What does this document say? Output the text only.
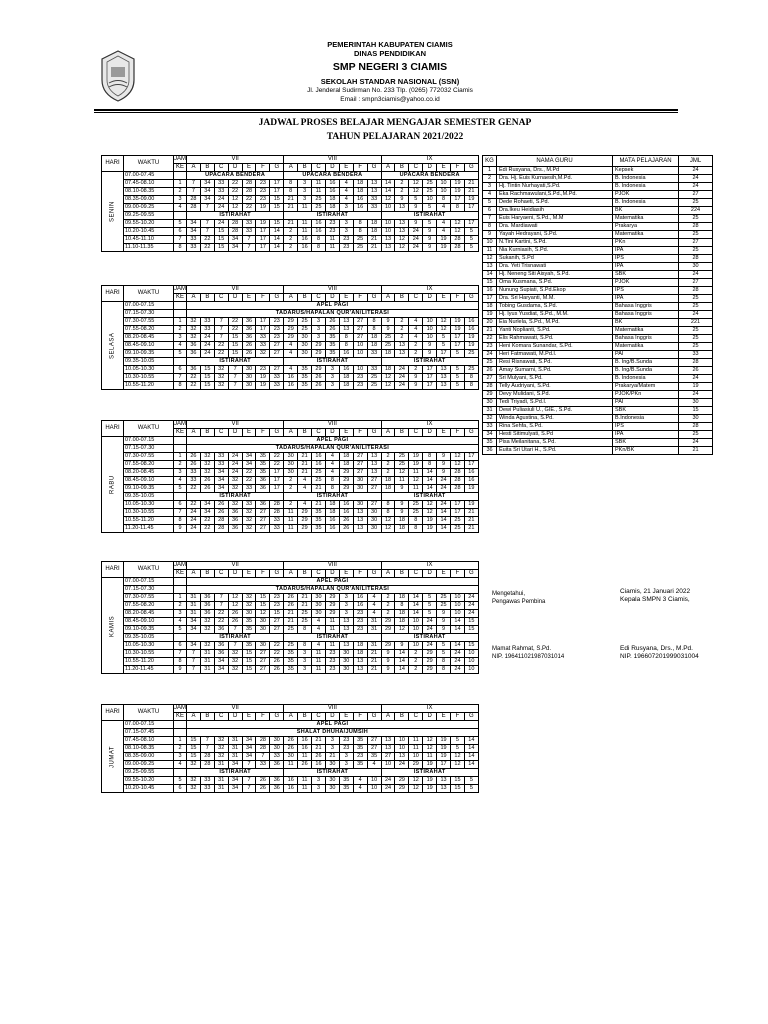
PEMERINTAH KABUPATEN CIAMIS
DINAS PENDIDIKAN
SMP NEGERI 3 CIAMIS
SEKOLAH STANDAR NASIONAL (SSN)
Jl. Jenderal Sudirman No. 233 Tlp. (0265) 772032 Ciamis
Email : smpn3ciamis@yahoo.co.id
JADWAL PROSES BELAJAR MENGAJAR SEMESTER GENAP
TAHUN PELAJARAN 2021/2022
HARI	WAKTU	JAM	VII							VIII							IX						
		KE	A	B	C	D	E	F	G	A	B	C	D	E	F	G	A	B	C	D	E	F	G
SENIN	07.00-07.45		UPACARA BENDERA							UPACARA BENDERA							UPACARA BENDERA						
	07.45-08.10	1	7	34	33	22	28	23	17	8	3	11	16	4	18	13	14	2	12	25	10	19	21
	08.10-08.35	2	7	34	33	22	28	23	17	8	3	11	16	4	18	13	14	2	12	25	10	19	21
	08.35-09.00	3	28	34	24	12	22	23	15	21	3	25	18	4	16	33	12	9	5	10	8	17	19
	09.00-09.25	4	28	7	24	12	22	19	15	21	11	25	18	3	16	33	10	13	9	5	4	8	17
	09.25-09.55		ISTIRAHAT							ISTIRAHAT							ISTIRAHAT						
	09.55-10.20	5	34	7	24	28	33	19	15	21	11	16	23	3	8	18	10	13	9	5	4	12	17
	10.20-10.45	6	34	7	15	28	33	17	14	2	11	16	23	3	8	18	10	13	24	9	4	12	5
	10.45-11.10	7	33	22	15	34	7	17	14	2	16	8	11	23	25	21	13	12	24	9	19	28	5
	11.10-11.35	8	33	22	15	34	7	17	14	2	16	8	11	23	25	21	13	12	24	9	19	28	5
HARI	WAKTU	JAM	VII							VIII							IX						
		KE	A	B	C	D	E	F	G	A	B	C	D	E	F	G	A	B	C	D	E	F	G
SELASA	07.00-07.15		APEL PAGI																				
	07.15-07.30		TADARUS/HAPALAN QUR'AN/LITERASI																				
	07.30-07.55	1	32	33	7	22	36	17	23	29	25	3	26	13	27	8	9	2	4	10	12	19	16
	07.55-08.20	2	32	33	7	22	36	17	23	29	25	3	26	13	27	8	9	2	4	10	12	19	16
	08.20-08.45	3	32	24	7	15	36	33	23	29	30	3	35	8	27	18	25	2	4	10	5	17	19
	08.45-09.10	4	36	24	22	15	26	33	27	4	30	29	35	8	10	18	25	13	2	9	5	17	19
	09.10-09.35	5	36	24	22	15	26	32	27	4	30	29	35	16	10	33	18	13	2	9	17	5	25
	09.35-10.05		ISTIRAHAT							ISTIRAHAT							ISTIRAHAT						
	10.05-10.30	6	36	15	32	7	30	23	27	4	35	29	3	16	10	33	18	24	2	17	13	5	25
	10.30-10.55	7	22	15	32	7	30	19	33	16	35	26	3	18	23	25	12	24	9	17	13	5	8
	10.55-11.20	8	22	15	32	7	30	19	33	16	35	26	3	18	23	25	12	24	9	17	13	5	8
HARI	WAKTU	JAM	VII							VIII							IX						
		KE	A	B	C	D	E	F	G	A	B	C	D	E	F	G	A	B	C	D	E	F	G
RABU	07.00-07.15		APEL PAGI																				
	07.15-07.30		TADARUS/HAPALAN QUR'AN/LITERASI																				
	07.30-07.55	1	26	32	33	24	34	35	22	30	21	16	4	18	27	13	2	25	19	8	9	12	17
	07.55-08.20	2	26	32	33	24	34	35	22	30	21	16	4	18	27	13	2	25	19	8	9	12	17
	08.20-08.45	3	33	32	34	24	22	35	17	30	21	25	4	29	27	13	2	12	11	14	9	28	16
	08.45-09.10	4	33	26	34	32	22	36	17	2	4	25	8	29	30	27	18	11	12	14	24	28	16
	09.10-09.35	5	22	26	34	32	33	36	17	2	4	21	8	29	30	27	18	9	11	14	24	28	19
	09.35-10.05		ISTIRAHAT							ISTIRAHAT							ISTIRAHAT						
	10.05-10.30	6	22	34	26	32	33	36	28	2	4	21	18	16	30	27	8	9	25	12	24	17	19
	10.30-10.55	7	24	34	26	36	32	27	28	11	29	35	18	16	13	30	8	9	25	12	14	17	21
	10.55-11.20	8	24	22	28	36	32	27	33	11	29	35	16	26	13	30	12	18	8	19	14	25	21
	11.20-11.45	9	24	22	28	36	32	27	33	11	29	35	16	26	13	30	12	18	8	19	14	25	21
HARI	WAKTU	JAM	VII							VIII							IX						
		KE	A	B	C	D	E	F	G	A	B	C	D	E	F	G	A	B	C	D	E	F	G
KAMIS	07.00-07.15		APEL PAGI																				
	07.15-07.30		TADARUS/HAPALAN QUR'AN/LITERASI																				
	07.30-07.55	1	31	36	7	12	32	15	23	26	21	30	29	3	16	4	2	18	14	5	25	10	24
	07.55-08.20	2	31	36	7	12	32	15	23	26	21	30	29	3	16	4	2	8	14	5	25	10	24
	08.20-08.45	3	31	36	22	26	30	12	15	21	25	30	29	3	23	4	2	18	14	5	9	10	24
	08.45-09.10	4	34	32	22	26	35	30	27	21	25	4	11	13	23	31	29	18	10	24	9	14	15
	09.10-09.35	5	34	32	36	7	35	30	27	25	8	4	11	13	23	31	29	12	10	24	9	14	15
	09.35-10.05		ISTIRAHAT							ISTIRAHAT							ISTIRAHAT						
	10.05-10.30	6	34	32	36	7	35	30	22	25	8	4	11	13	18	31	29	9	10	24	5	14	15
	10.30-10.55	7	7	31	36	32	15	27	22	35	3	11	23	30	18	21	9	14	2	29	5	24	10
	10.55-11.20	8	7	31	34	32	15	27	26	35	3	11	23	30	13	21	9	14	2	29	8	24	10
	11.20-11.45	9	7	31	34	32	15	27	26	35	3	11	23	30	13	21	9	14	2	29	8	24	10
HARI	WAKTU	JAM	VII							VIII							IX						
		KE	A	B	C	D	E	F	G	A	B	C	D	E	F	G	A	B	C	D	E	F	G
JUMAT	07.00-07.15		APEL PAGI																				
	07.15-07.45		SHALAT DHUHA/JUMSIH																				
	07.45-08.10	1	15	7	32	31	34	28	30	26	16	21	3	23	35	27	13	10	11	12	19	5	14
	08.10-08.35	2	15	7	32	31	34	28	30	26	16	21	3	23	35	27	13	10	11	12	19	5	14
	08.35-09.00	3	15	28	32	31	34	7	33	30	11	26	21	3	23	35	27	13	10	11	19	12	14
	09.00-09.25	4	32	28	31	34	7	33	36	11	26	16	30	3	35	4	10	24	29	19	17	12	14
	09.25-09.55		ISTIRAHAT							ISTIRAHAT							ISTIRAHAT						
	09.55-10.20	5	32	33	31	34	7	26	36	16	11	3	30	35	4	10	24	29	12	19	13	15	5
	10.20-10.45	6	32	33	31	34	7	26	36	16	11	3	30	35	4	10	24	29	12	19	13	15	5
KG	NAMA GURU	MATA PELAJARAN	JML
1	Edi Rusyana, Drs., M.Pd	Kepsek	24
2	Dra. Hj. Euis Kurnaesih,M.Pd.	B. Indonesia	24
3	Hj. Tintin Nurhayati,S.Pd.	B. Indonesia	24
4	Eka Rachmawulani,S.Pd.,M.Pd.	PJOK	27
5	Dede Rohaeti, S.Pd.	B. Indonesia	25
6	Dra.Ikeu Heidiasih	BK	224
7	Euis Haryaeni, S.Pd., M.M	Matematika	25
8	Dra. Mardiawati	Prakarya	28
9	Yayah Hedrayani, S.Pd.	Matematika	25
10	N.Tini Kartini, S.Pd.	PKn	27
11	Nia Kurniasih, S.Pd.	IPA	25
12	Sukanih, S.Pd	IPS	28
13	Dra. Yeti Trisnawati	IPA	30
14	Hj. Neneng Siti Aisyah, S.Pd.	SBK	24
15	Oma Kusmana, S.Pd.	PJOK	27
16	Nunung Supiati, S.Pd.Ekop	IPS	28
17	Dra. Sri Haryanti, M.M.	IPA	25
18	Tobing Gusdama, S.Pd.	Bahasa Inggris	25
19	Hj. Iyus Yusdiat, S.Pd., M.M.	Bahasa Inggris	24
20	Eia Nurlela, S.Pd., M.Pd.	BK	221
21	Yanti Noplianti, S.Pd.	Matematika	25
22	Elis Rahmawati, S.Pd.	Bahasa Inggris	25
23	Heni Komara Sunandar, S.Pd.	Matematika	25
24	Heri Fatmawati, M.Pd.I.	PAI	33
25	Resi Risnawati, S.Pd.	B. Ing/B.Sunda	28
26	Amay Sumarni, S.Pd.	B. Ing/B.Sunda	26
27	Sri Mulyani, S.Pd.	B. Indonesia	24
28	Telly Audriyani, S.Pd.	Prakarya/Matem	19
29	Devy Mulidani, S.Pd.	PJOK/PKn	24
30	Tedi Triyadi, S.Pd.I.	PAI	30
31	Dewi Puliasiuli U., GIE., S.Pd.	SBK	15
32	Winda Agustina, S.Pd.	B.Indonesia	30
33	Rina Sehfa, S.Pd.	IPS	28
34	Hesti Sitimulyati, S.Pd	IPA	25
35	Pisa Meilanitana, S.Pd.	SBK	24
36	Euita Sri Utari H., S.Pd.	PKn/BK	21
Mengetahui,
Pengawas Pembina
Mamat Rahmat, S.Pd.
NIP. 196411021987031014
Ciamis, 21 Januari 2022
Kepala SMPN 3 Ciamis,
Edi Rusyana, Drs., M.Pd.
NIP. 196607201999031004
